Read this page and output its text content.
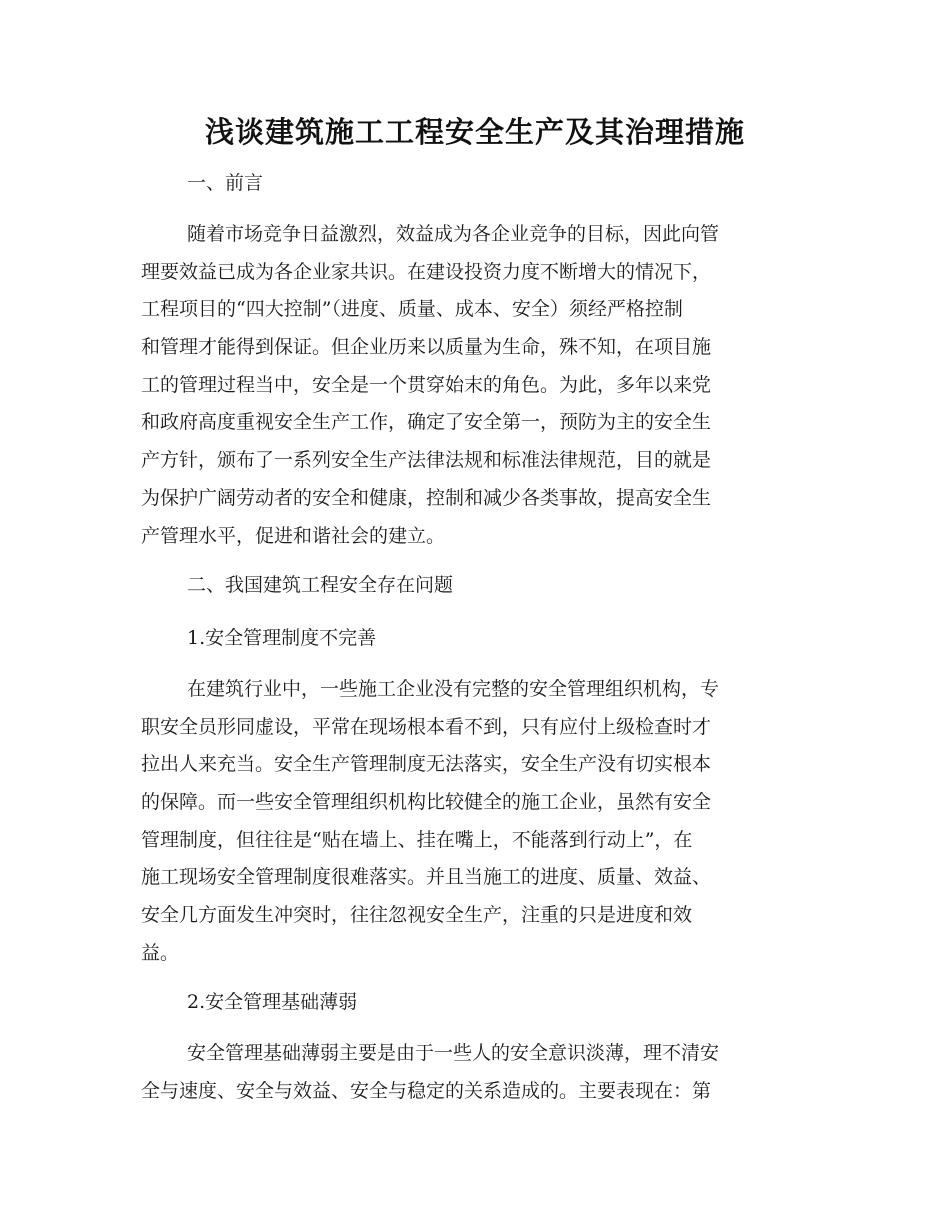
浅谈建筑施工工程安全生产及其治理措施
一、前言
随着市场竞争日益激烈，效益成为各企业竞争的目标，因此向管
理要效益已成为各企业家共识。在建设投资力度不断增大的情况下，
工程项目的“四大控制”（进度、质量、成本、安全）须经严格控制
和管理才能得到保证。但企业历来以质量为生命，殊不知，在项目施
工的管理过程当中，安全是一个贯穿始末的角色。为此，多年以来党
和政府高度重视安全生产工作，确定了安全第一，预防为主的安全生
产方针，颁布了一系列安全生产法律法规和标准法律规范，目的就是
为保护广阔劳动者的安全和健康，控制和减少各类事故，提高安全生
产管理水平，促进和谐社会的建立。
二、我国建筑工程安全存在问题
1.安全管理制度不完善
在建筑行业中，一些施工企业没有完整的安全管理组织机构，专
职安全员形同虚设，平常在现场根本看不到，只有应付上级检查时才
拉出人来充当。安全生产管理制度无法落实，安全生产没有切实根本
的保障。而一些安全管理组织机构比较健全的施工企业，虽然有安全
管理制度，但往往是“贴在墙上、挂在嘴上，不能落到行动上”，在
施工现场安全管理制度很难落实。并且当施工的进度、质量、效益、
安全几方面发生冲突时，往往忽视安全生产，注重的只是进度和效
益。
2.安全管理基础薄弱
安全管理基础薄弱主要是由于一些人的安全意识淡薄，理不清安
全与速度、安全与效益、安全与稳定的关系造成的。主要表现在：第
